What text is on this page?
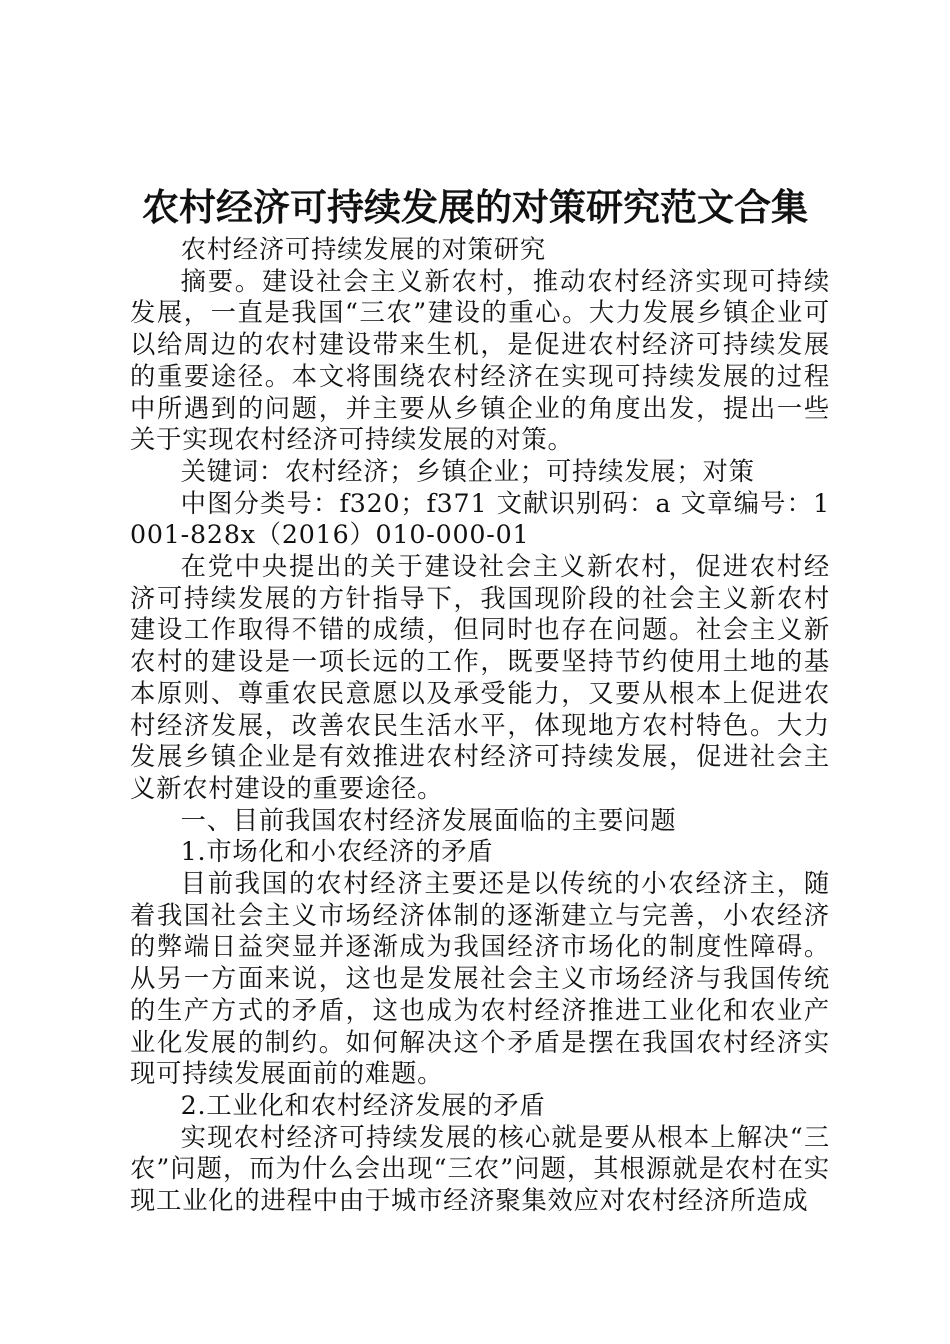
农村经济可持续发展的对策研究范文合集

农村经济可持续发展的对策研究

摘要。建设社会主义新农村，推动农村经济实现可持续发展，一直是我国“三农”建设的重心。大力发展乡镇企业可以给周边的农村建设带来生机，是促进农村经济可持续发展的重要途径。本文将围绕农村经济在实现可持续发展的过程中所遇到的问题，并主要从乡镇企业的角度出发，提出一些关于实现农村经济可持续发展的对策。

关键词：农村经济；乡镇企业；可持续发展；对策

中图分类号：f320；f371 文献识别码：a 文章编号：1001-828x（2016）010-000-01

在党中央提出的关于建设社会主义新农村，促进农村经济可持续发展的方针指导下，我国现阶段的社会主义新农村建设工作取得不错的成绩，但同时也存在问题。社会主义新农村的建设是一项长远的工作，既要坚持节约使用土地的基本原则、尊重农民意愿以及承受能力，又要从根本上促进农村经济发展，改善农民生活水平，体现地方农村特色。大力发展乡镇企业是有效推进农村经济可持续发展，促进社会主义新农村建设的重要途径。

一、目前我国农村经济发展面临的主要问题

1.市场化和小农经济的矛盾

目前我国的农村经济主要还是以传统的小农经济主，随着我国社会主义市场经济体制的逐渐建立与完善，小农经济的弊端日益突显并逐渐成为我国经济市场化的制度性障碍。从另一方面来说，这也是发展社会主义市场经济与我国传统的生产方式的矛盾，这也成为农村经济推进工业化和农业产业化发展的制约。如何解决这个矛盾是摆在我国农村经济实现可持续发展面前的难题。

2.工业化和农村经济发展的矛盾

实现农村经济可持续发展的核心就是要从根本上解决“三农”问题，而为什么会出现“三农”问题，其根源就是农村在实现工业化的进程中由于城市经济聚集效应对农村经济所造成
